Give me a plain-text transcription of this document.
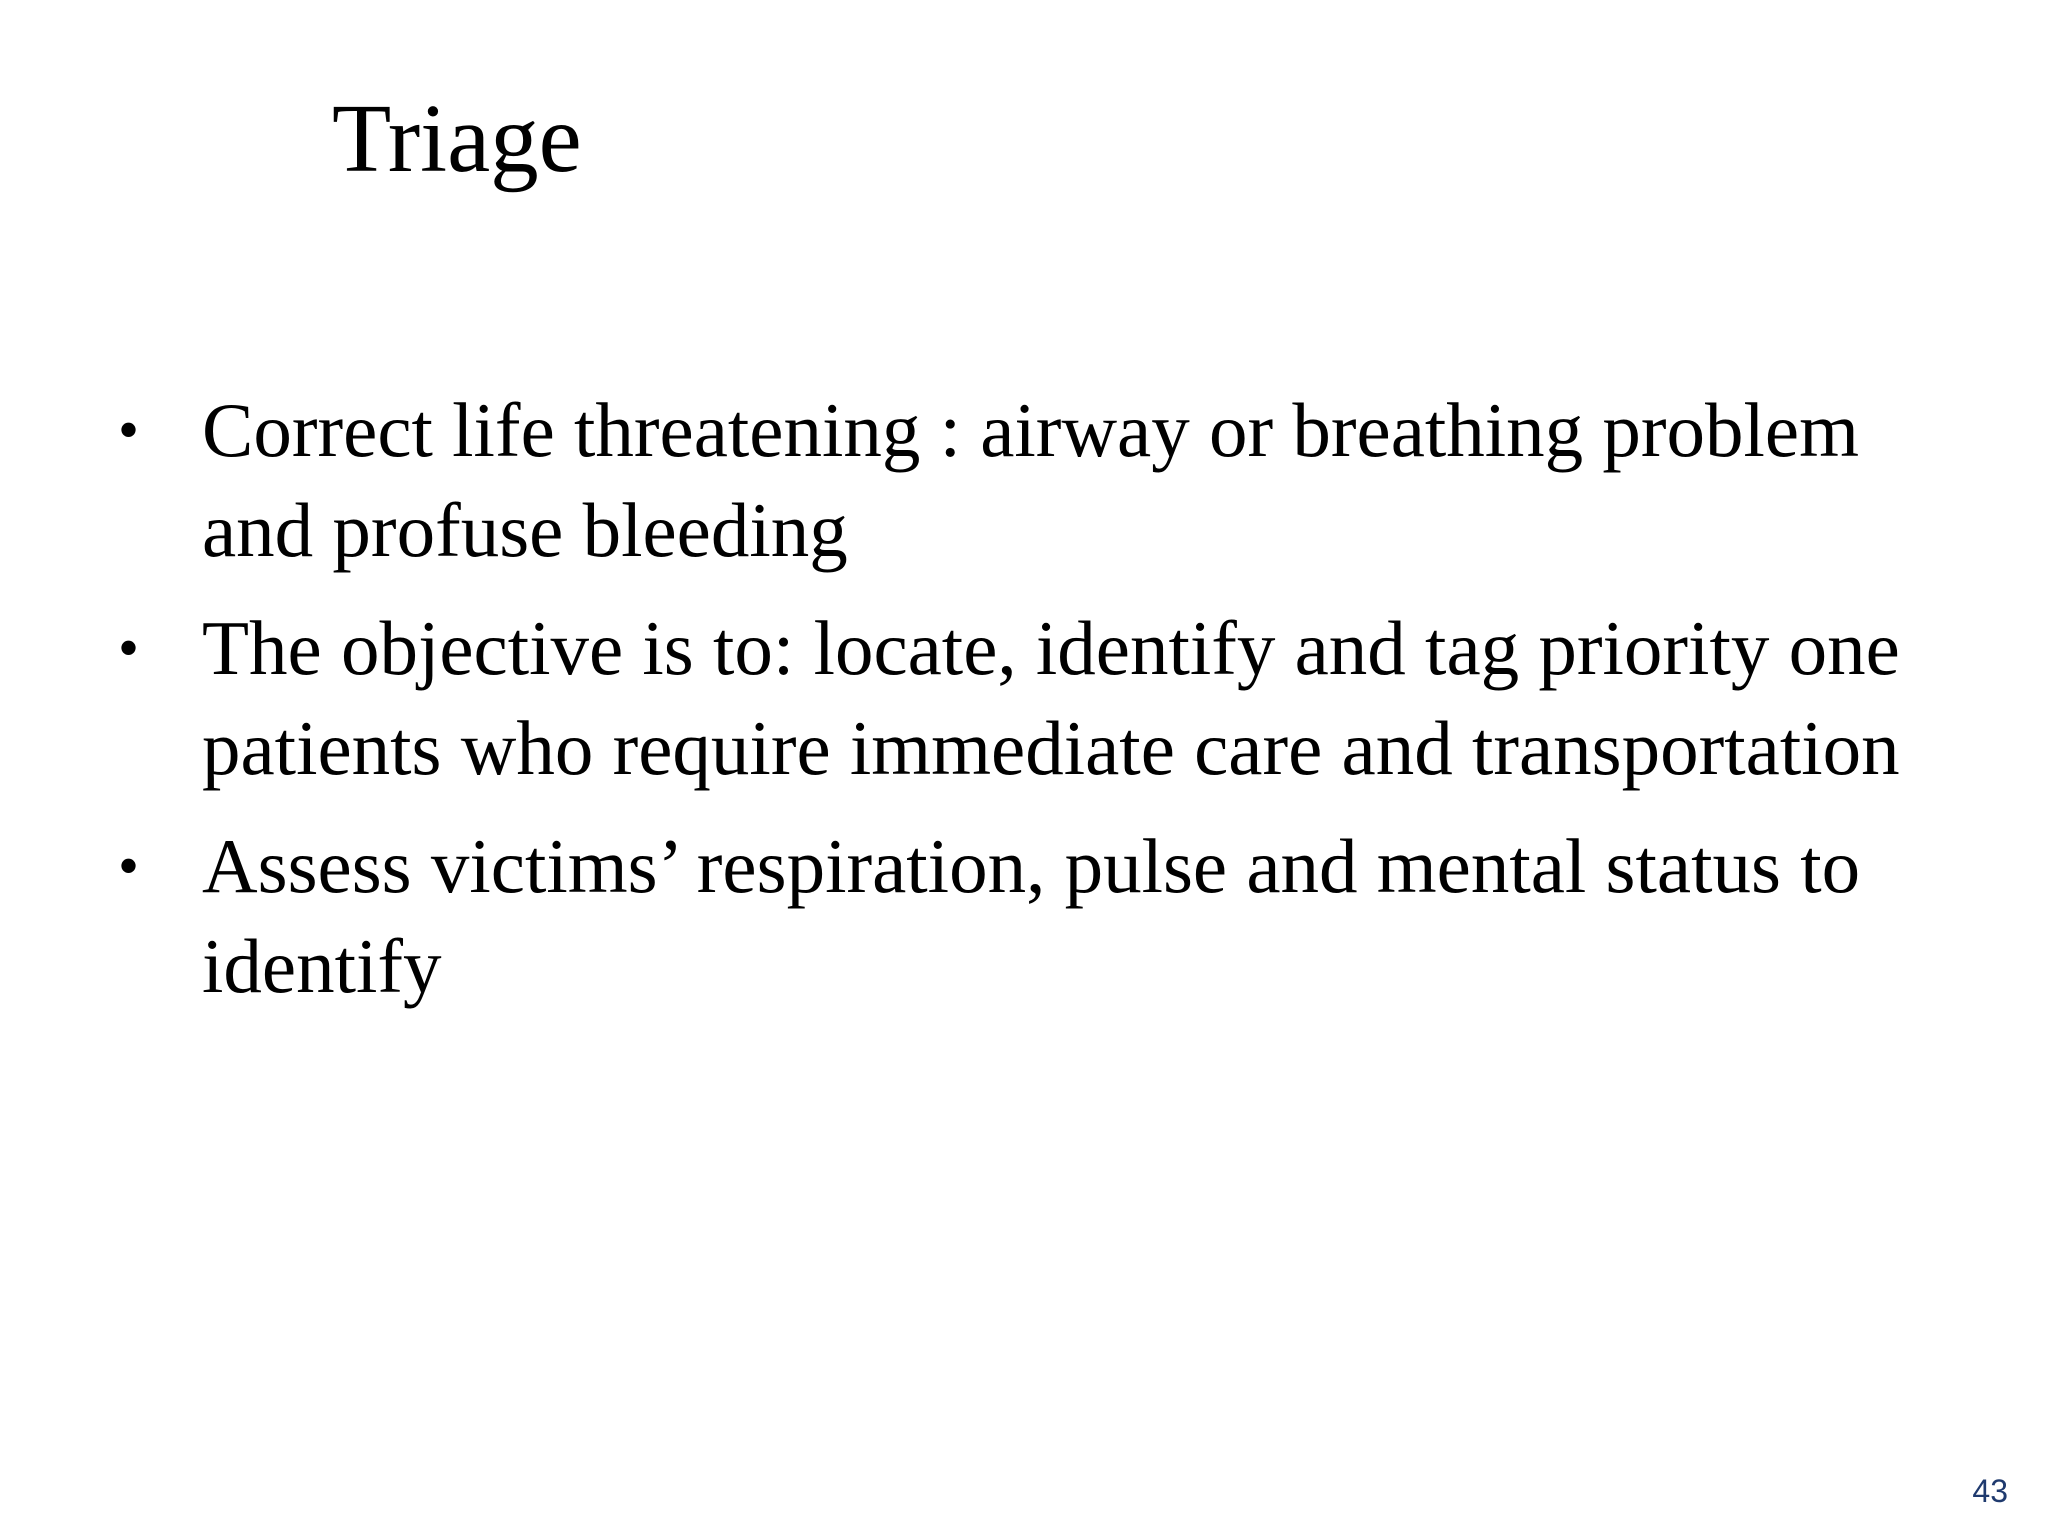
Triage
• Correct life threatening : airway or breathing problem and profuse bleeding
• The objective is to: locate, identify and tag priority one patients who require immediate care and transportation
• Assess victims’ respiration, pulse and mental status to identify
43
